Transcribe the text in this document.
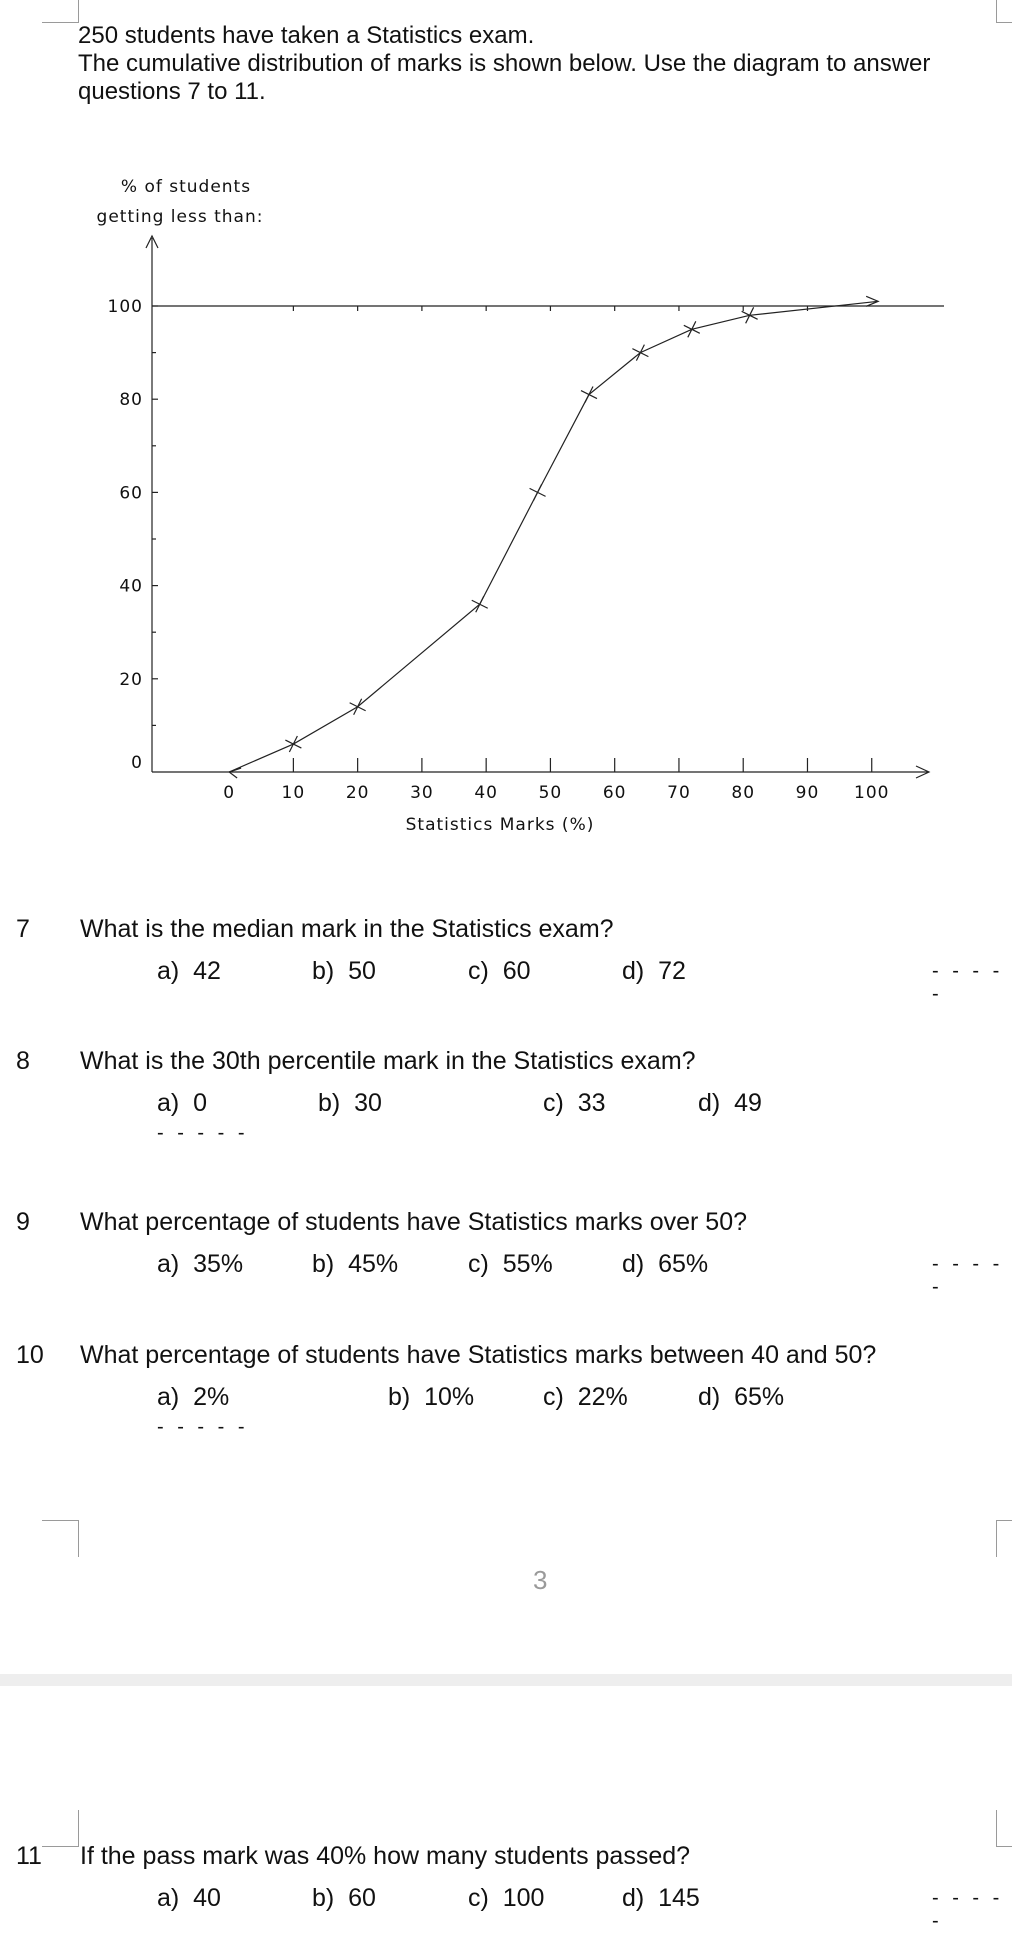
250 students have taken a Statistics exam.
The cumulative distribution of marks is shown below. Use the diagram to answer
questions 7 to 11.
% of students
getting less than:
Statistics Marks (%)
0
20
40
60
80
100
0	10 20 30 40 50 60 70 80 90 100
7 What is the median mark in the Statistics exam?
a)  42	b)  50	c)  60	d)  72	- - - - -
8 What is the 30th percentile mark in the Statistics exam?
a)  0	b)  30	c)  33	d)  49
- - - - -
9 What percentage of students have Statistics marks over 50?
a)  35%	b)  45%	c)  55%	d)  65%	- - - - -
10 What percentage of students have Statistics marks between 40 and 50?
a)  2%	b)  10%	c)  22%	d)  65%
- - - - -
11 If the pass mark was 40% how many students passed?
a)  40	b)  60	c)  100	d)  145	- - - - -
3
